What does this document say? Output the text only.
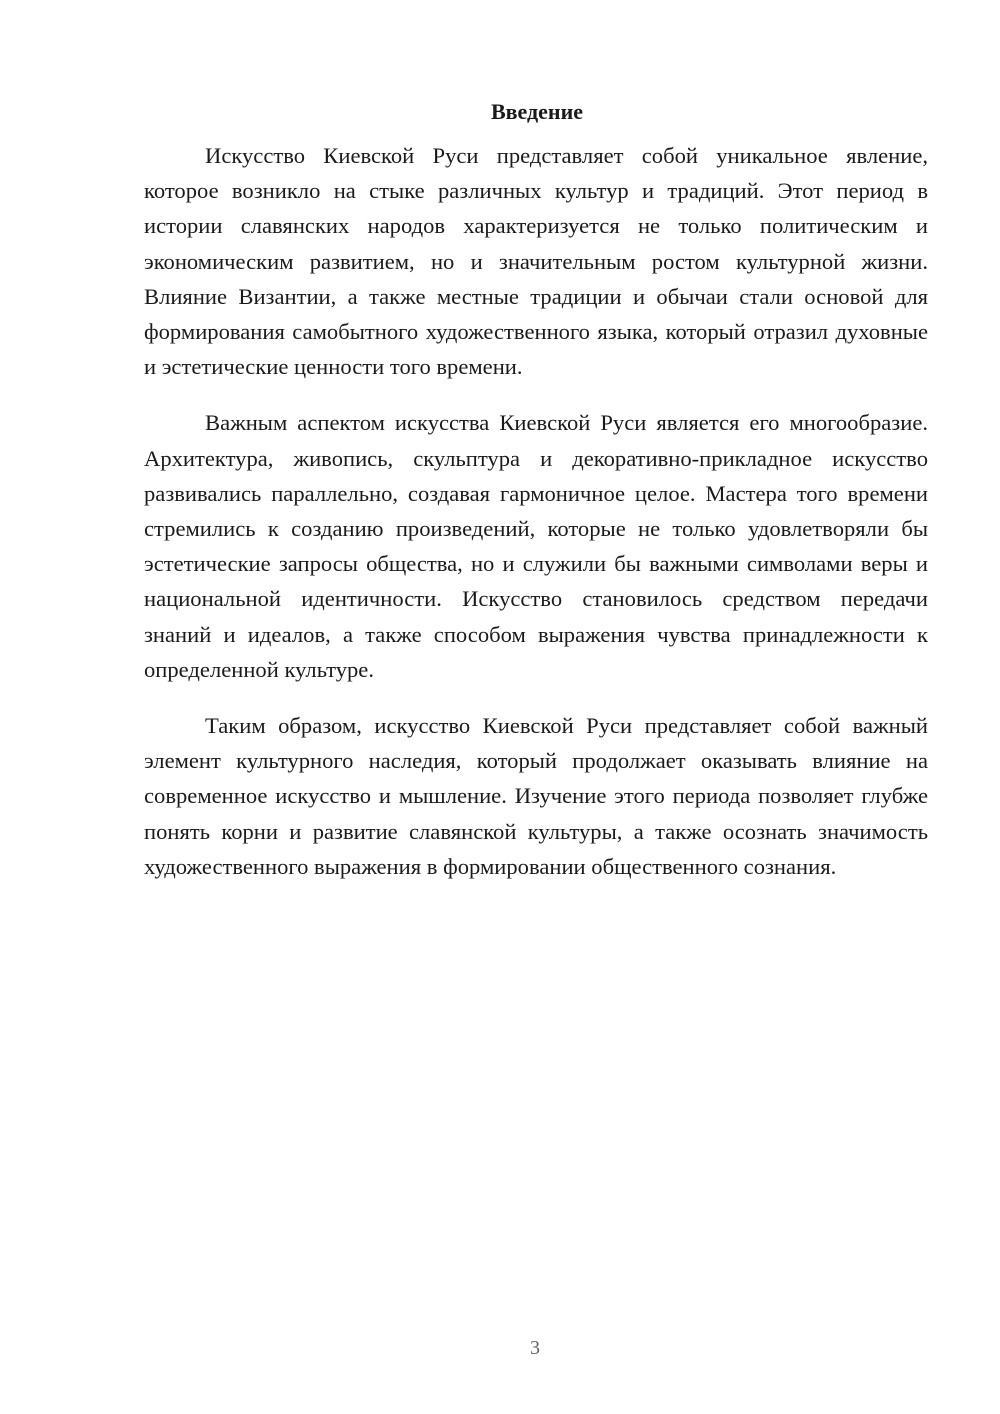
Введение

Искусство Киевской Руси представляет собой уникальное явление, которое возникло на стыке различных культур и традиций. Этот период в истории славянских народов характеризуется не только политическим и экономическим развитием, но и значительным ростом культурной жизни. Влияние Византии, а также местные традиции и обычаи стали основой для формирования самобытного художественного языка, который отразил духовные и эстетические ценности того времени.

Важным аспектом искусства Киевской Руси является его многообразие. Архитектура, живопись, скульптура и декоративно-прикладное искусство развивались параллельно, создавая гармоничное целое. Мастера того времени стремились к созданию произведений, которые не только удовлетворяли бы эстетические запросы общества, но и служили бы важными символами веры и национальной идентичности. Искусство становилось средством передачи знаний и идеалов, а также способом выражения чувства принадлежности к определенной культуре.

Таким образом, искусство Киевской Руси представляет собой важный элемент культурного наследия, который продолжает оказывать влияние на современное искусство и мышление. Изучение этого периода позволяет глубже понять корни и развитие славянской культуры, а также осознать значимость художественного выражения в формировании общественного сознания.

3
